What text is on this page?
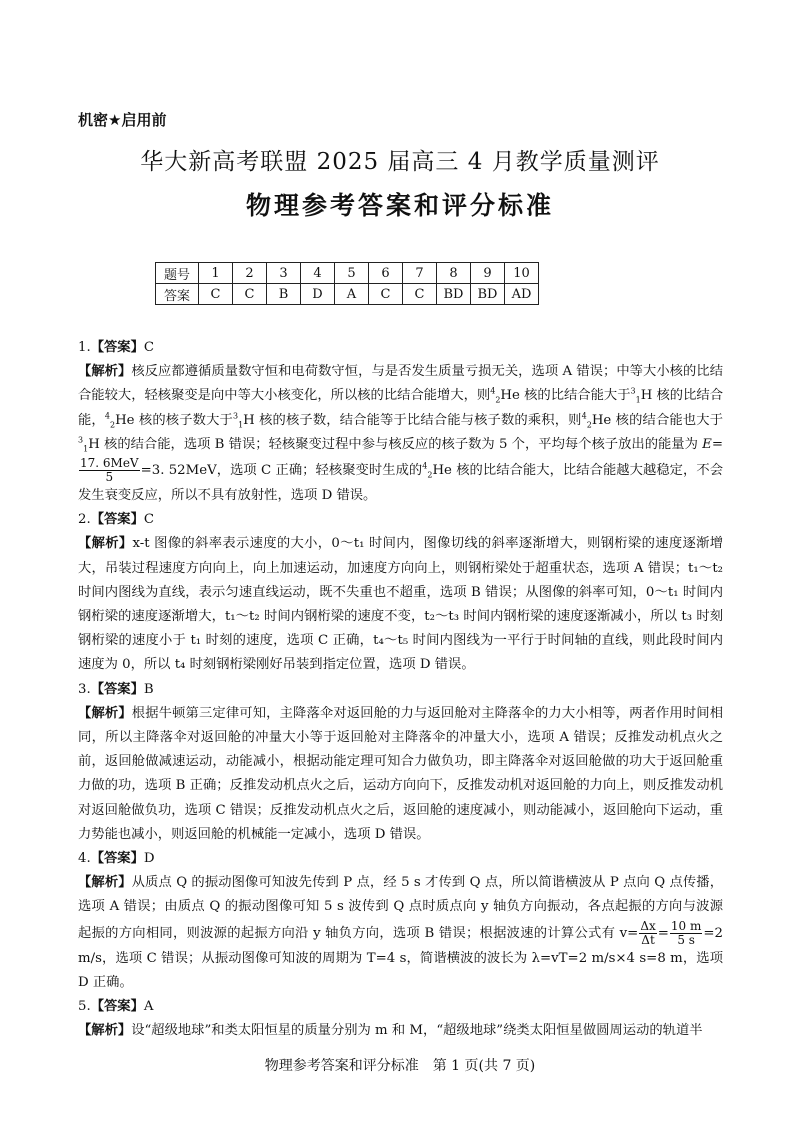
机密★启用前
华大新高考联盟 2025 届高三 4 月教学质量测评
物理参考答案和评分标准
题号	1	2	3	4	5	6	7	8	9	10
答案	C	C	B	D	A	C	C	BD	BD	AD

1.【答案】C

【解析】核反应都遵循质量数守恒和电荷数守恒，与是否发生质量亏损无关，选项 A 错误；中等大小核的比结合能较大，轻核聚变是向中等大小核变化，所以核的比结合能增大，则$^4_2$He 核的比结合能大于$^3_1$H 核的比结合能，$^4_2$He 核的核子数大于$^3_1$H 核的核子数，结合能等于比结合能与核子数的乘积，则$^4_2$He 核的结合能也大于$^3_1$H 核的结合能，选项 B 错误；轻核聚变过程中参与核反应的核子数为 5 个，平均每个核子放出的能量为 E=
$\frac{\text{17. 6MeV}}{5} =3$. 52MeV，选项 C 正确；轻核聚变时生成的$^4_2$He 核的比结合能大，比结合能越大越稳定，不会发生衰变反应，所以不具有放射性，选项 D 错误。

2.【答案】C

【解析】x-t 图像的斜率表示速度的大小，0～t₁ 时间内，图像切线的斜率逐渐增大，则钢桁梁的速度逐渐增大，吊装过程速度方向向上，向上加速运动，加速度方向向上，则钢桁梁处于超重状态，选项 A 错误；t₁～t₂ 时间内图线为直线，表示匀速直线运动，既不失重也不超重，选项 B 错误；从图像的斜率可知，0～t₁ 时间内钢桁梁的速度逐渐增大，t₁～t₂ 时间内钢桁梁的速度不变，t₂～t₃ 时间内钢桁梁的速度逐渐减小，所以 t₃ 时刻钢桁梁的速度小于 t₁ 时刻的速度，选项 C 正确，t₄～t₅ 时间内图线为一平行于时间轴的直线，则此段时间内速度为 0，所以 t₄ 时刻钢桁梁刚好吊装到指定位置，选项 D 错误。

3.【答案】B

【解析】根据牛顿第三定律可知，主降落伞对返回舱的力与返回舱对主降落伞的力大小相等，两者作用时间相同，所以主降落伞对返回舱的冲量大小等于返回舱对主降落伞的冲量大小，选项 A 错误；反推发动机点火之前，返回舱做减速运动，动能减小，根据动能定理可知合力做负功，即主降落伞对返回舱做的功大于返回舱重力做的功，选项 B 正确；反推发动机点火之后，运动方向向下，反推发动机对返回舱的力向上，则反推发动机对返回舱做负功，选项 C 错误；反推发动机点火之后，返回舱的速度减小，则动能减小，返回舱向下运动，重力势能也减小，则返回舱的机械能一定减小，选项 D 错误。

4.【答案】D

【解析】从质点 Q 的振动图像可知波先传到 P 点，经 5 s 才传到 Q 点，所以简谐横波从 P 点向 Q 点传播，选项 A 错误；由质点 Q 的振动图像可知 5 s 波传到 Q 点时质点向 y 轴负方向振动，各点起振的方向与波源起振的方向相同，则波源的起振方向沿 y 轴负方向，选项 B 错误；根据波速的计算公式有 $v= \frac{\Delta x}{\Delta t} = \frac{10 m}{5 s} =2$ m/s，选项 C 错误；从振动图像可知波的周期为 T=4 s，简谐横波的波长为 λ=vT=2 m/s×4 s=8 m，选项 D 正确。

5.【答案】A

【解析】设“超级地球”和类太阳恒星的质量分别为 m 和 M，“超级地球”绕类太阳恒星做圆周运动的轨道半

物理参考答案和评分标准　第 1 页(共 7 页)
